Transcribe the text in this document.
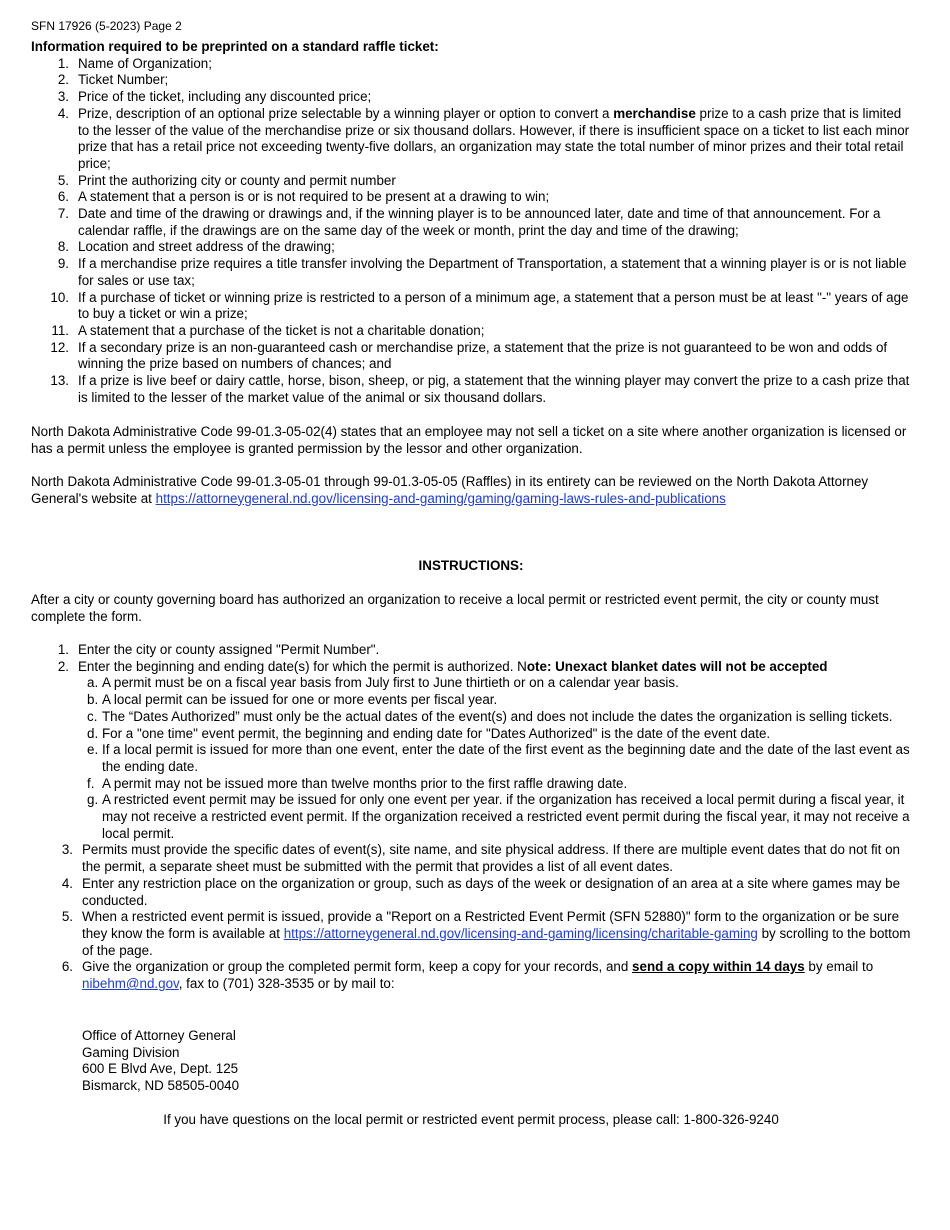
SFN 17926 (5-2023) Page 2
Information required to be preprinted on a standard raffle ticket:
1. Name of Organization;
2. Ticket Number;
3. Price of the ticket, including any discounted price;
4. Prize, description of an optional prize selectable by a winning player or option to convert a merchandise prize to a cash prize that is limited to the lesser of the value of the merchandise prize or six thousand dollars. However, if there is insufficient space on a ticket to list each minor prize that has a retail price not exceeding twenty-five dollars, an organization may state the total number of minor prizes and their total retail price;
5. Print the authorizing city or county and permit number
6. A statement that a person is or is not required to be present at a drawing to win;
7. Date and time of the drawing or drawings and, if the winning player is to be announced later, date and time of that announcement. For a calendar raffle, if the drawings are on the same day of the week or month, print the day and time of the drawing;
8. Location and street address of the drawing;
9. If a merchandise prize requires a title transfer involving the Department of Transportation, a statement that a winning player is or is not liable for sales or use tax;
10. If a purchase of ticket or winning prize is restricted to a person of a minimum age, a statement that a person must be at least "-" years of age to buy a ticket or win a prize;
11. A statement that a purchase of the ticket is not a charitable donation;
12. If a secondary prize is an non-guaranteed cash or merchandise prize, a statement that the prize is not guaranteed to be won and odds of winning the prize based on numbers of chances; and
13. If a prize is live beef or dairy cattle, horse, bison, sheep, or pig, a statement that the winning player may convert the prize to a cash prize that is limited to the lesser of the market value of the animal or six thousand dollars.

North Dakota Administrative Code 99-01.3-05-02(4) states that an employee may not sell a ticket on a site where another organization is licensed or has a permit unless the employee is granted permission by the lessor and other organization.

North Dakota Administrative Code 99-01.3-05-01 through 99-01.3-05-05 (Raffles) in its entirety can be reviewed on the North Dakota Attorney General's website at https://attorneygeneral.nd.gov/licensing-and-gaming/gaming/gaming-laws-rules-and-publications

INSTRUCTIONS:

After a city or county governing board has authorized an organization to receive a local permit or restricted event permit, the city or county must complete the form.

1. Enter the city or county assigned "Permit Number".
2. Enter the beginning and ending date(s) for which the permit is authorized. Note: Unexact blanket dates will not be accepted
a. A permit must be on a fiscal year basis from July first to June thirtieth or on a calendar year basis.
b. A local permit can be issued for one or more events per fiscal year.
c. The “Dates Authorized” must only be the actual dates of the event(s) and does not include the dates the organization is selling tickets.
d. For a "one time" event permit, the beginning and ending date for "Dates Authorized" is the date of the event date.
e. If a local permit is issued for more than one event, enter the date of the first event as the beginning date and the date of the last event as the ending date.
f. A permit may not be issued more than twelve months prior to the first raffle drawing date.
g. A restricted event permit may be issued for only one event per year. if the organization has received a local permit during a fiscal year, it may not receive a restricted event permit. If the organization received a restricted event permit during the fiscal year, it may not receive a local permit.
3. Permits must provide the specific dates of event(s), site name, and site physical address. If there are multiple event dates that do not fit on the permit, a separate sheet must be submitted with the permit that provides a list of all event dates.
4. Enter any restriction place on the organization or group, such as days of the week or designation of an area at a site where games may be conducted.
5. When a restricted event permit is issued, provide a "Report on a Restricted Event Permit (SFN 52880)" form to the organization or be sure they know the form is available at https://attorneygeneral.nd.gov/licensing-and-gaming/licensing/charitable-gaming by scrolling to the bottom of the page.
6. Give the organization or group the completed permit form, keep a copy for your records, and send a copy within 14 days by email to nibehm@nd.gov, fax to (701) 328-3535 or by mail to:
Office of Attorney General
Gaming Division
600 E Blvd Ave, Dept. 125
Bismarck, ND 58505-0040

If you have questions on the local permit or restricted event permit process, please call: 1-800-326-9240
